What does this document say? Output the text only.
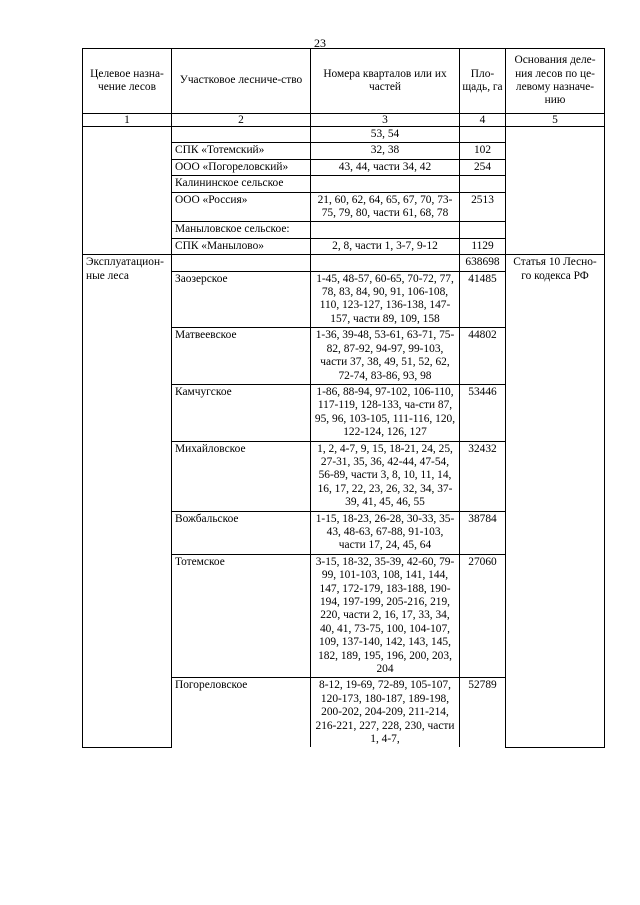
23
Целевое назна-чение лесов	Участковое лесниче-ство	Номера кварталов или их частей	Пло-щадь, га	Основания деле-ния лесов по це-левому назначе-нию
1	2	3	4	5
		53, 54		
	СПК «Тотемский»	32, 38	102	
	ООО «Погореловский»	43, 44, части 34, 42	254	
	Калининское сельское			
	ООО «Россия»	21, 60, 62, 64, 65, 67, 70, 73-75, 79, 80, части 61, 68, 78	2513	
	Маныловское сельское:			
	СПК «Манылово»	2, 8, части 1, 3-7, 9-12	1129	
Эксплуатацион-ные леса			638698	Статья 10 Лесно-го кодекса РФ
	Заозерское	1-45, 48-57, 60-65, 70-72, 77, 78, 83, 84, 90, 91, 106-108, 110, 123-127, 136-138, 147-157, части 89, 109, 158	41485	
	Матвеевское	1-36, 39-48, 53-61, 63-71, 75-82, 87-92, 94-97, 99-103, части 37, 38, 49, 51, 52, 62, 72-74, 83-86, 93, 98	44802	
	Камчугское	1-86, 88-94, 97-102, 106-110, 117-119, 128-133, ча-сти 87, 95, 96, 103-105, 111-116, 120, 122-124, 126, 127	53446	
	Михайловское	1, 2, 4-7, 9, 15, 18-21, 24, 25, 27-31, 35, 36, 42-44, 47-54, 56-89, части 3, 8, 10, 11, 14, 16, 17, 22, 23, 26, 32, 34, 37-39, 41, 45, 46, 55	32432	
	Вожбальское	1-15, 18-23, 26-28, 30-33, 35-43, 48-63, 67-88, 91-103, части 17, 24, 45, 64	38784	
	Тотемское	3-15, 18-32, 35-39, 42-60, 79-99, 101-103, 108, 141, 144, 147, 172-179, 183-188, 190-194, 197-199, 205-216, 219, 220, части 2, 16, 17, 33, 34, 40, 41, 73-75, 100, 104-107, 109, 137-140, 142, 143, 145, 182, 189, 195, 196, 200, 203, 204	27060	
	Погореловское	8-12, 19-69, 72-89, 105-107, 120-173, 180-187, 189-198, 200-202, 204-209, 211-214, 216-221, 227, 228, 230, части 1, 4-7,	52789	
